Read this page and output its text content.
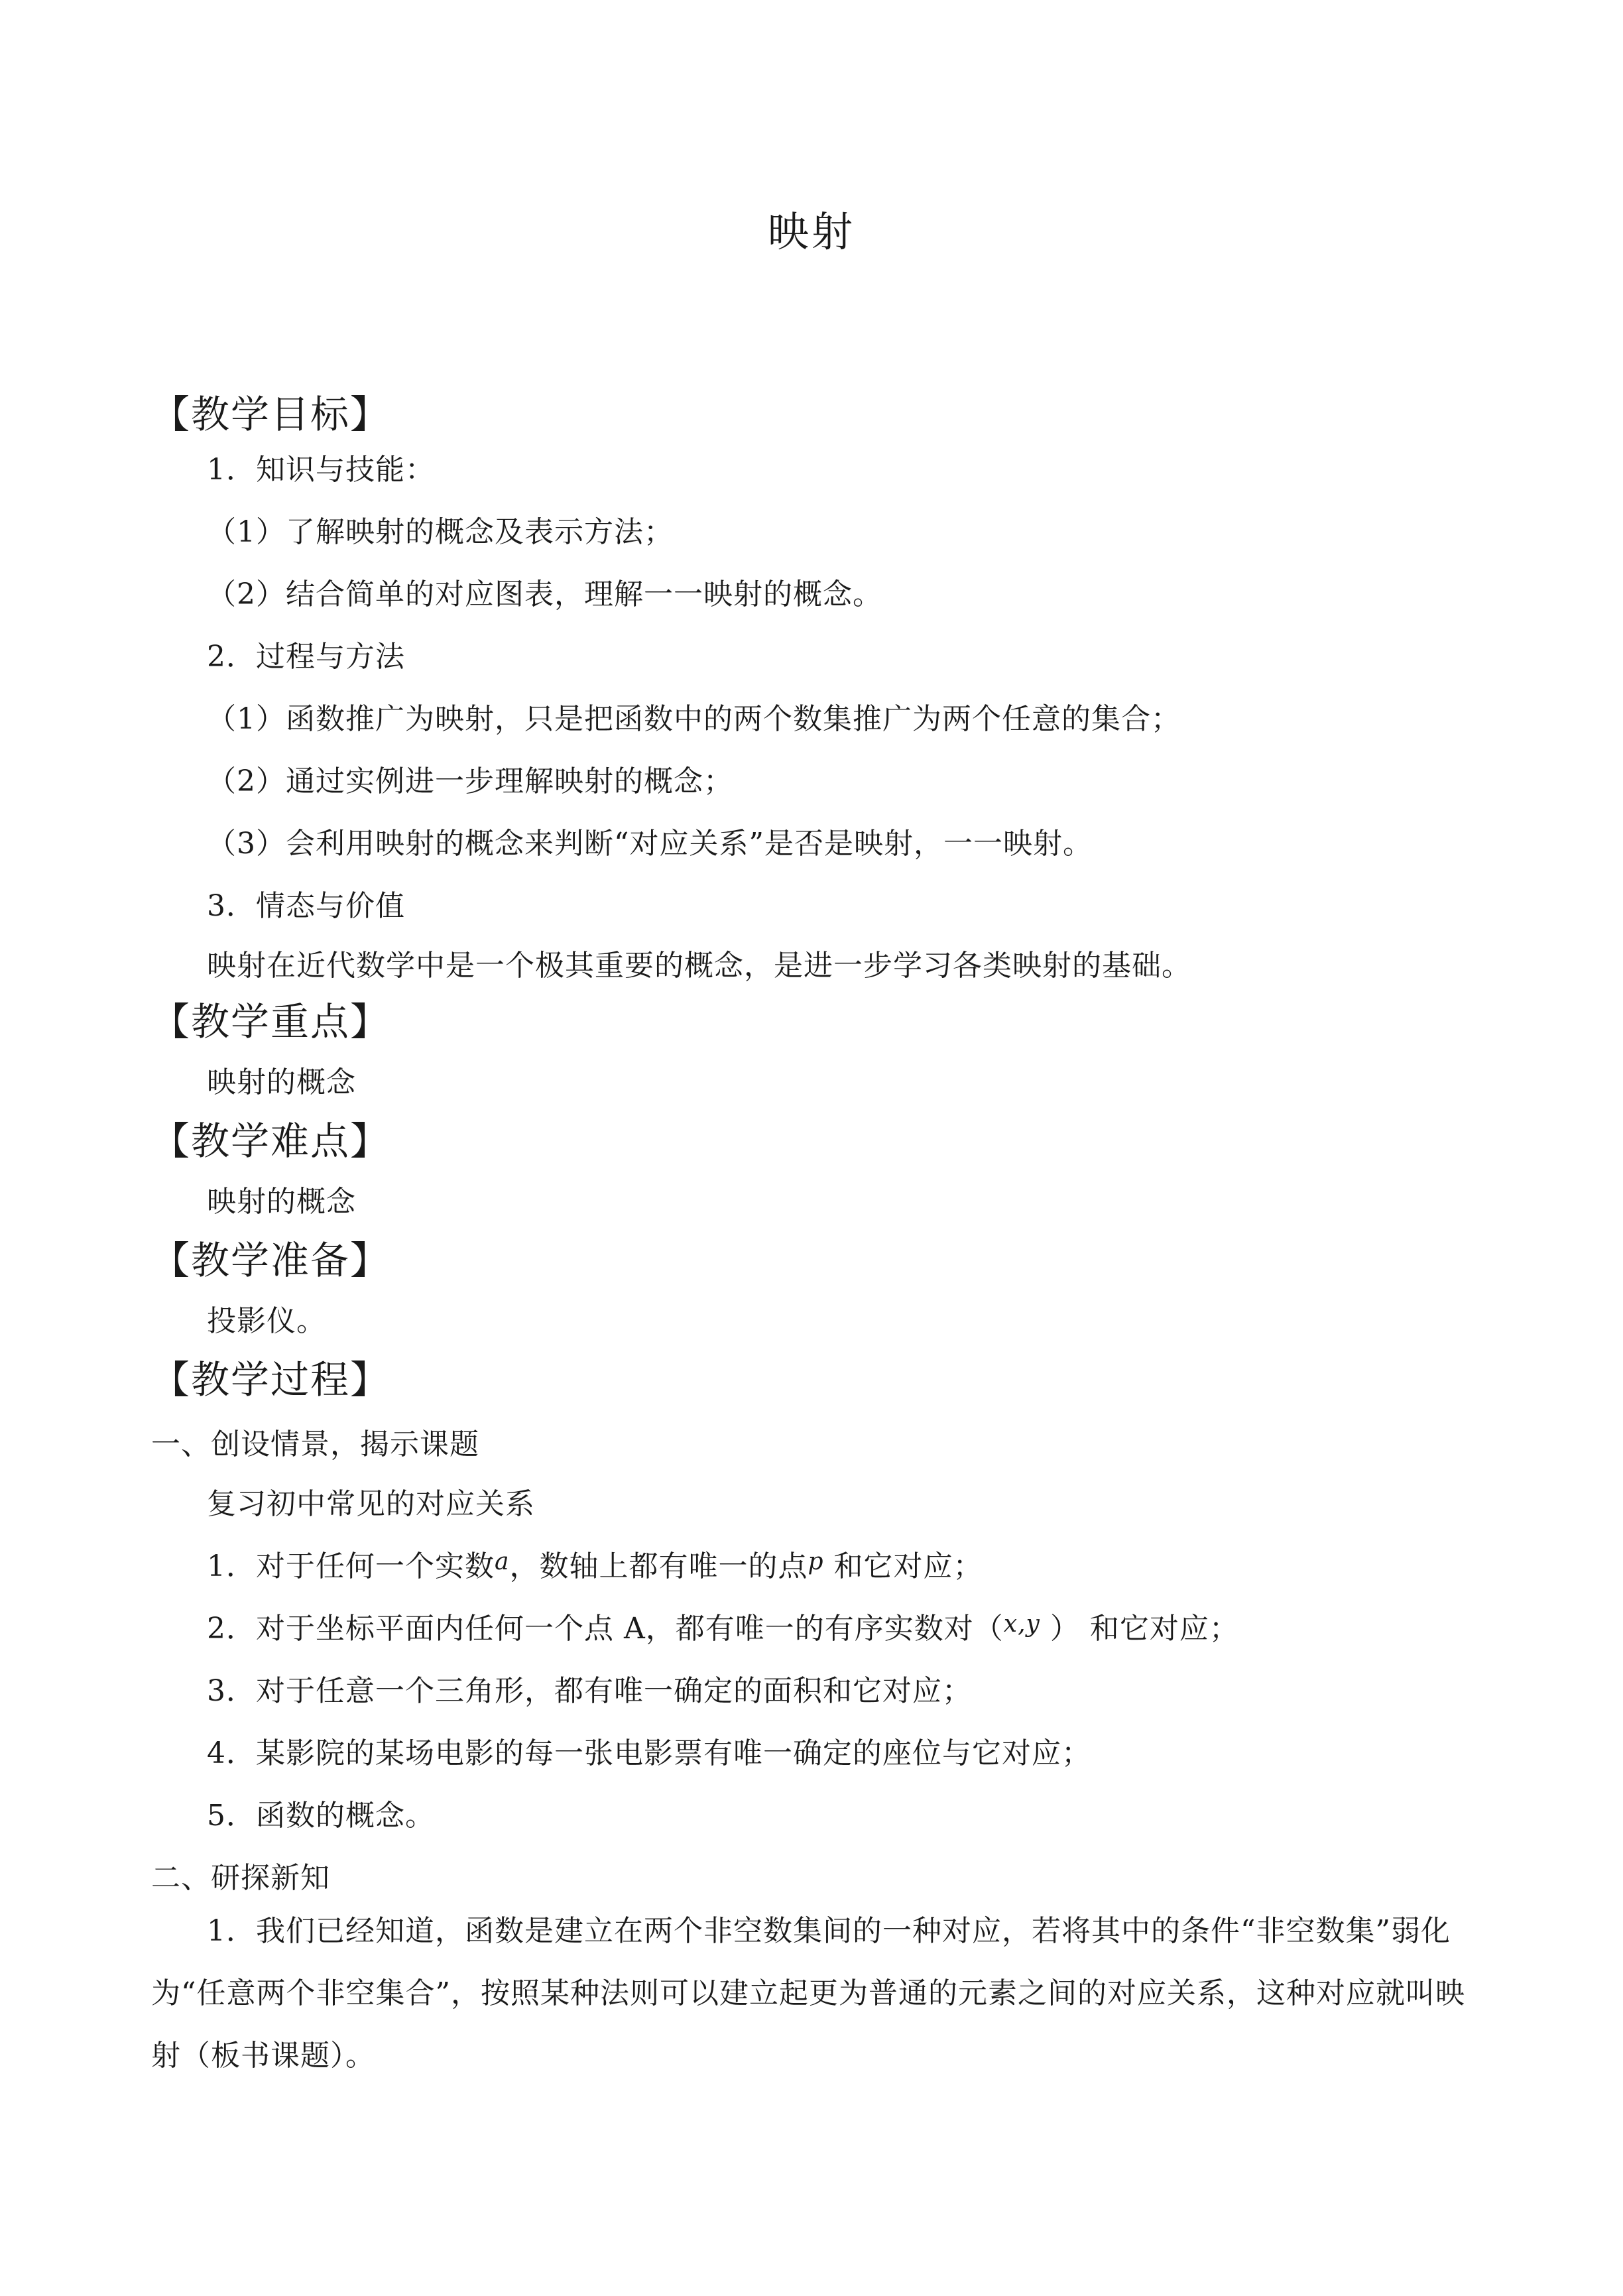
映射
【教学目标】
1．知识与技能：
（1）了解映射的概念及表示方法；
（2）结合简单的对应图表，理解一一映射的概念。
2．过程与方法
（1）函数推广为映射，只是把函数中的两个数集推广为两个任意的集合；
（2）通过实例进一步理解映射的概念；
（3）会利用映射的概念来判断“对应关系”是否是映射，一一映射。
3．情态与价值
映射在近代数学中是一个极其重要的概念，是进一步学习各类映射的基础。
【教学重点】
映射的概念
【教学难点】
映射的概念
【教学准备】
投影仪。
【教学过程】
一、创设情景，揭示课题
复习初中常见的对应关系
1．对于任何一个实数$^a$，数轴上都有唯一的点$^p$ 和它对应；
2．对于坐标平面内任何一个点 A，都有唯一的有序实数对（$^{x,y}$ ） 和它对应；
3．对于任意一个三角形，都有唯一确定的面积和它对应；
4．某影院的某场电影的每一张电影票有唯一确定的座位与它对应；
5．函数的概念。
二、研探新知
1．我们已经知道，函数是建立在两个非空数集间的一种对应，若将其中的条件“非空数集”弱化为“任意两个非空集合”，按照某种法则可以建立起更为普通的元素之间的对应关系，这种对应就叫映射（板书课题）。
